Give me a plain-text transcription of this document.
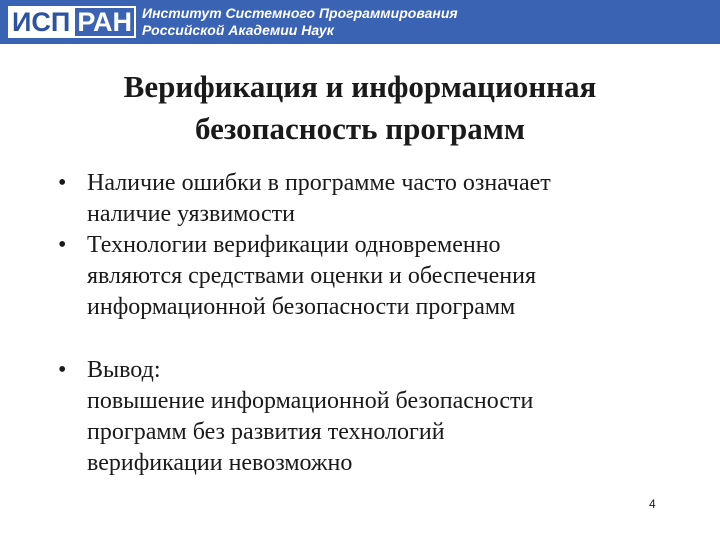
ИСП РАН Институт Системного Программирования
Российской Академии Наук
Верификация и информационная
безопасность программ
• Наличие ошибки в программе часто означает
наличие уязвимости
• Технологии верификации одновременно
являются средствами оценки и обеспечения
информационной безопасности программ
• Вывод:
повышение информационной безопасности
программ без развития технологий
верификации невозможно
4
